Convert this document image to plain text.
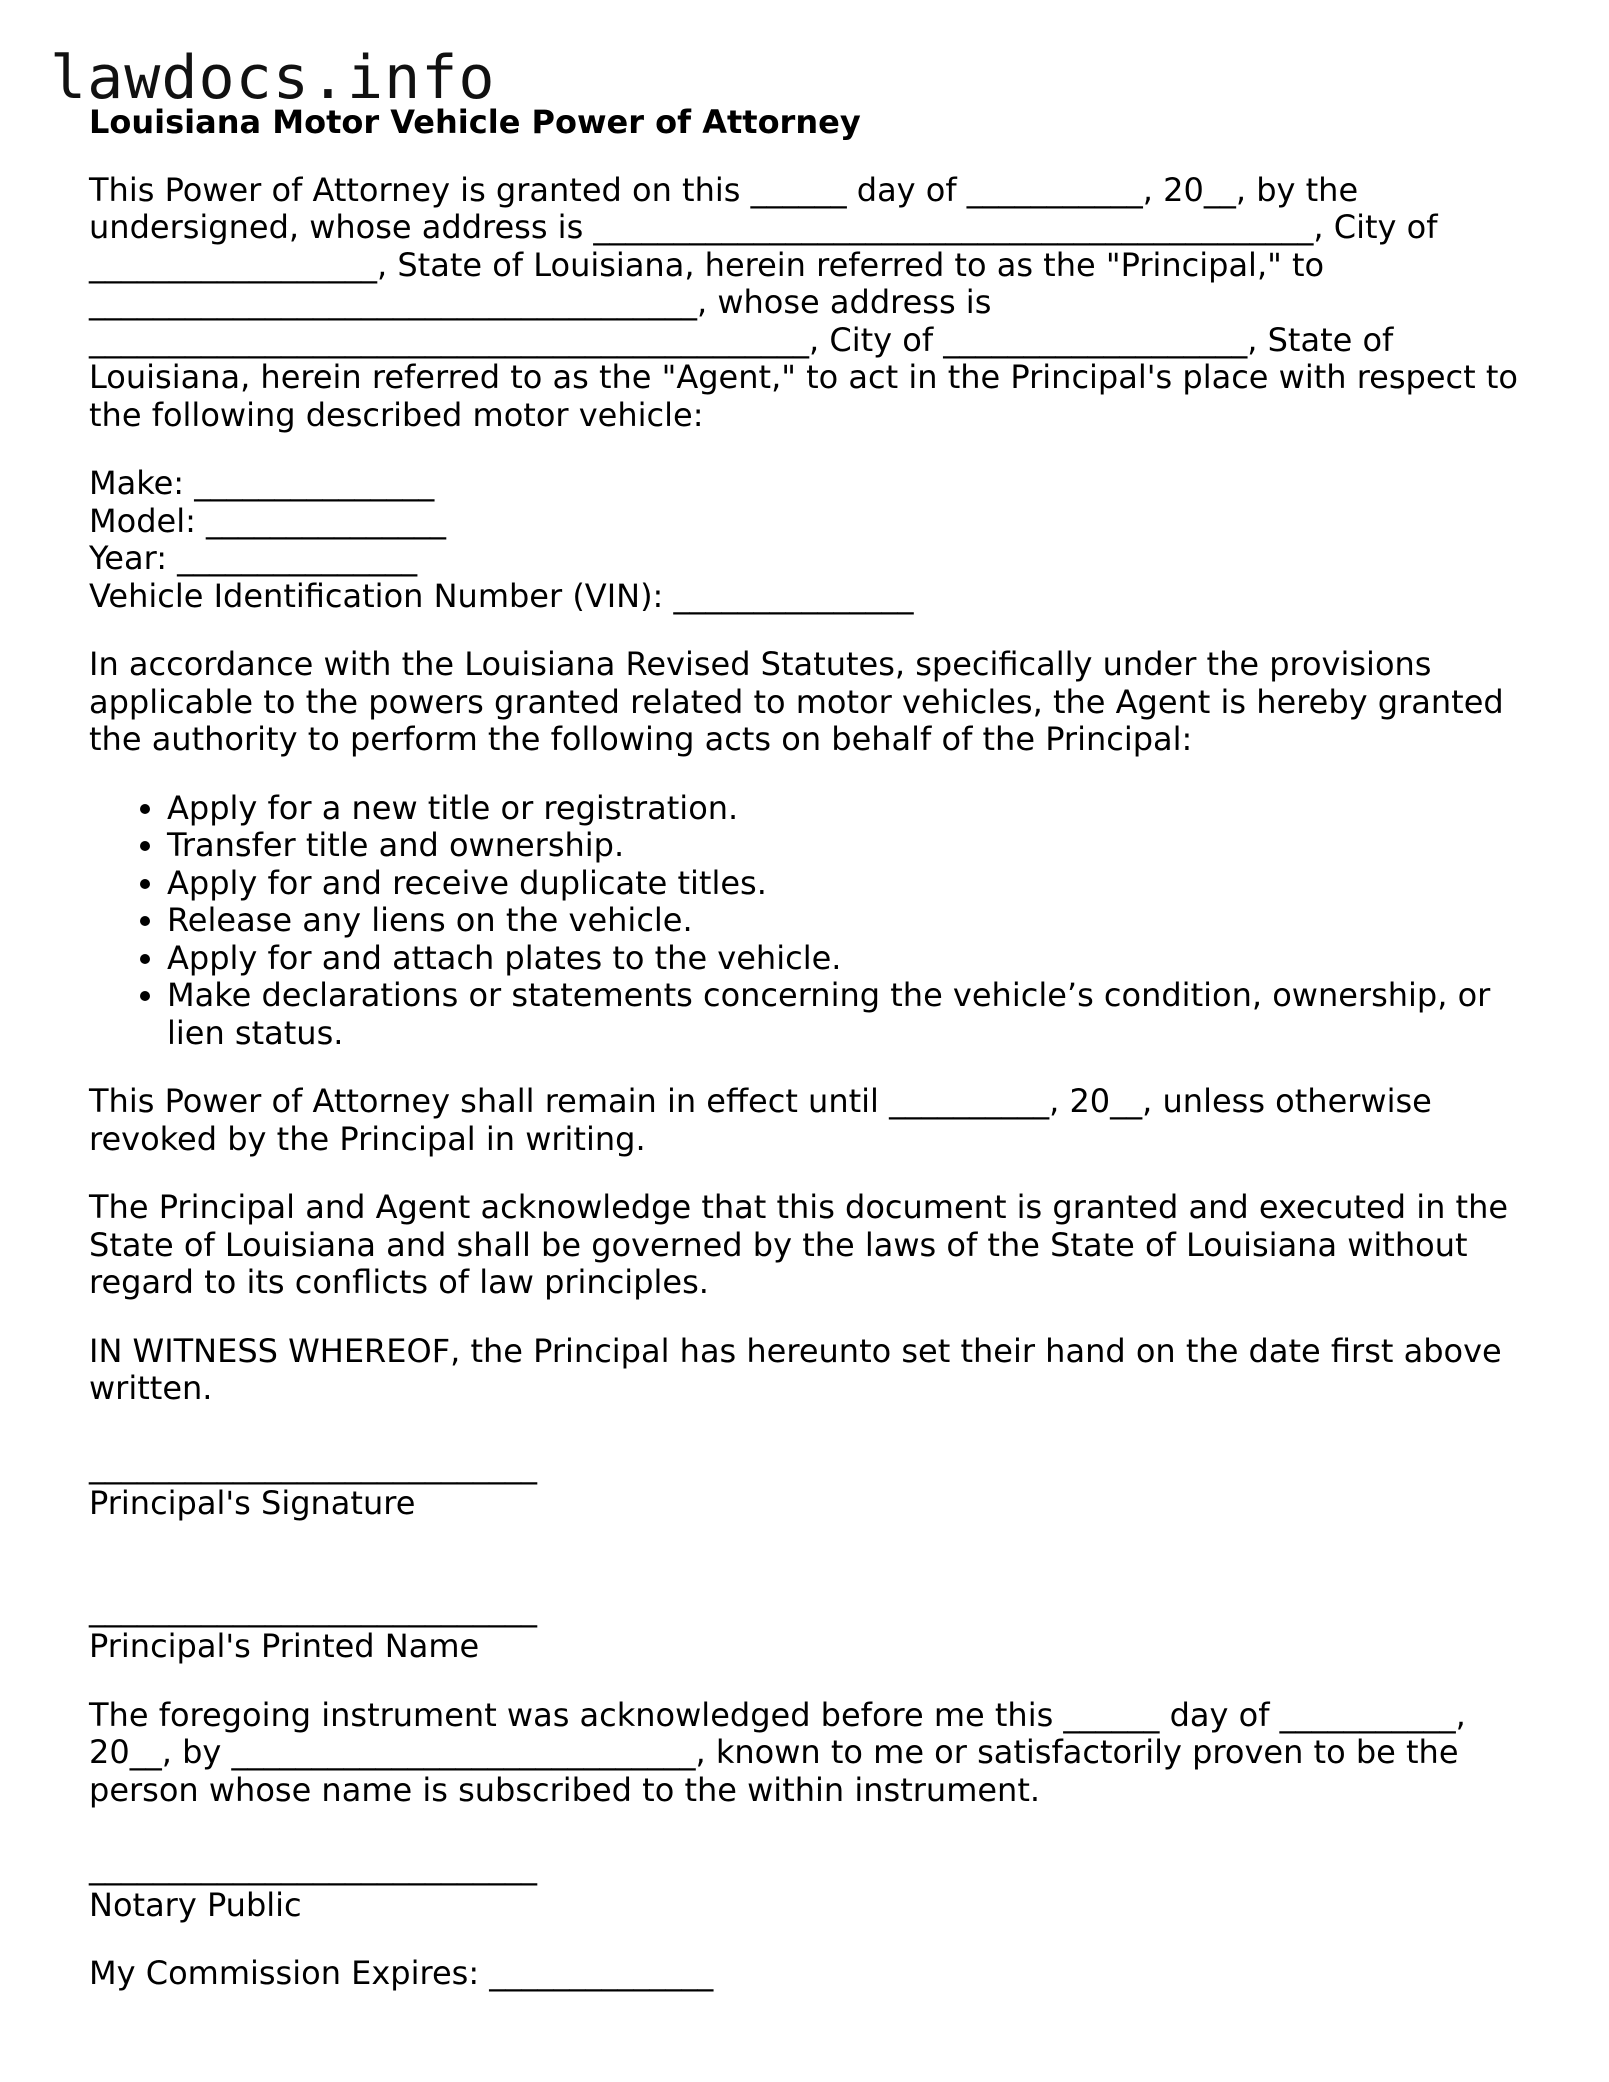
lawdocs.info
Louisiana Motor Vehicle Power of Attorney

This Power of Attorney is granted on this ______ day of ___________, 20__, by the
undersigned, whose address is _____________________________________________, City of
__________________, State of Louisiana, herein referred to as the "Principal," to
______________________________________, whose address is
_____________________________________________, City of ___________________, State of
Louisiana, herein referred to as the "Agent," to act in the Principal's place with respect to
the following described motor vehicle:

Make: _______________
Model: _______________
Year: _______________
Vehicle Identification Number (VIN): _______________

In accordance with the Louisiana Revised Statutes, specifically under the provisions
applicable to the powers granted related to motor vehicles, the Agent is hereby granted
the authority to perform the following acts on behalf of the Principal:

• Apply for a new title or registration.
• Transfer title and ownership.
• Apply for and receive duplicate titles.
• Release any liens on the vehicle.
• Apply for and attach plates to the vehicle.
• Make declarations or statements concerning the vehicle’s condition, ownership, or lien status.

This Power of Attorney shall remain in effect until __________, 20__, unless otherwise
revoked by the Principal in writing.

The Principal and Agent acknowledge that this document is granted and executed in the
State of Louisiana and shall be governed by the laws of the State of Louisiana without
regard to its conflicts of law principles.

IN WITNESS WHEREOF, the Principal has hereunto set their hand on the date first above
written.

____________________________
Principal's Signature
____________________________
Principal's Printed Name

The foregoing instrument was acknowledged before me this ______ day of ___________,
20__, by _____________________________, known to me or satisfactorily proven to be the
person whose name is subscribed to the within instrument.

____________________________
Notary Public

My Commission Expires: ______________
